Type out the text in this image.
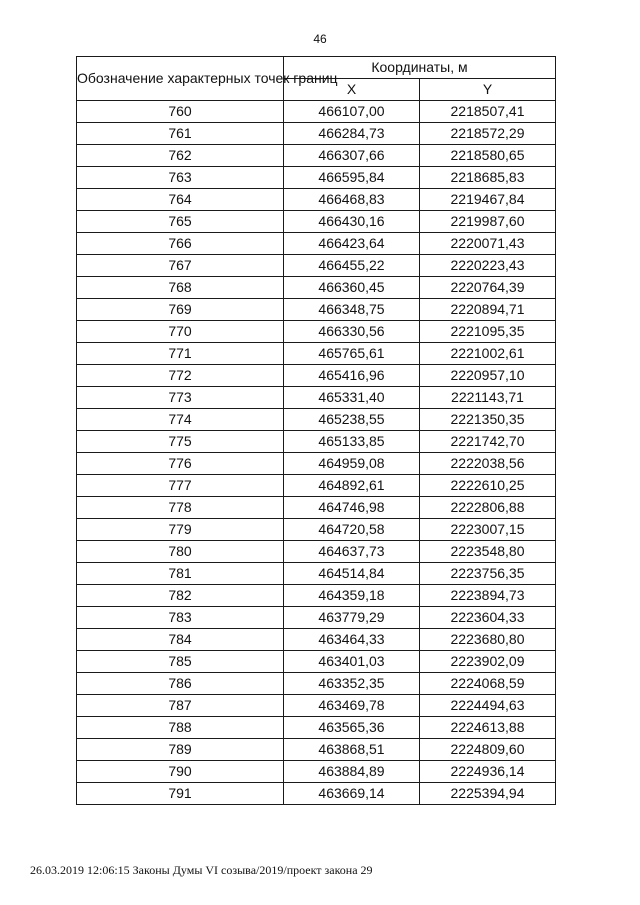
46
Обозначение характерных точек границ	Координаты, м	
	X	Y
760	466107,00	2218507,41
761	466284,73	2218572,29
762	466307,66	2218580,65
763	466595,84	2218685,83
764	466468,83	2219467,84
765	466430,16	2219987,60
766	466423,64	2220071,43
767	466455,22	2220223,43
768	466360,45	2220764,39
769	466348,75	2220894,71
770	466330,56	2221095,35
771	465765,61	2221002,61
772	465416,96	2220957,10
773	465331,40	2221143,71
774	465238,55	2221350,35
775	465133,85	2221742,70
776	464959,08	2222038,56
777	464892,61	2222610,25
778	464746,98	2222806,88
779	464720,58	2223007,15
780	464637,73	2223548,80
781	464514,84	2223756,35
782	464359,18	2223894,73
783	463779,29	2223604,33
784	463464,33	2223680,80
785	463401,03	2223902,09
786	463352,35	2224068,59
787	463469,78	2224494,63
788	463565,36	2224613,88
789	463868,51	2224809,60
790	463884,89	2224936,14
791	463669,14	2225394,94
26.03.2019 12:06:15 Законы Думы VI созыва/2019/проект закона 29
